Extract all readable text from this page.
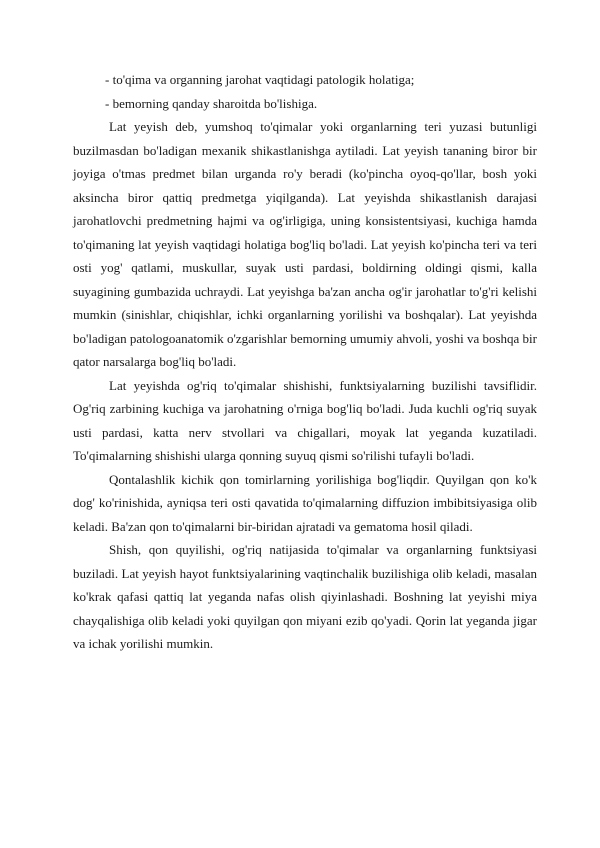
- to'qima va organning jarohat vaqtidagi patologik holatiga;

- bemorning qanday sharoitda bo'lishiga.

Lat yeyish deb, yumshoq to'qimalar yoki organlarning teri yuzasi butunligi buzilmasdan bo'ladigan mexanik shikastlanishga aytiladi. Lat yeyish tananing biror bir joyiga o'tmas predmet bilan urganda ro'y beradi (ko'pincha oyoq-qo'llar, bosh yoki aksincha biror qattiq predmetga yiqilganda). Lat yeyishda shikastlanish darajasi jarohatlovchi predmetning hajmi va og'irligiga, uning konsistentsiyasi, kuchiga hamda to'qimaning lat yeyish vaqtidagi holatiga bog'liq bo'ladi. Lat yeyish ko'pincha teri va teri osti yog' qatlami, muskullar, suyak usti pardasi, boldirning oldingi qismi, kalla suyagining gumbazida uchraydi. Lat yeyishga ba'zan ancha og'ir jarohatlar to'g'ri kelishi mumkin (sinishlar, chiqishlar, ichki organlarning yorilishi va boshqalar). Lat yeyishda bo'ladigan patologoanatomik o'zgarishlar bemorning umumiy ahvoli, yoshi va boshqa bir qator narsalarga bog'liq bo'ladi.

Lat yeyishda og'riq to'qimalar shishishi, funktsiyalarning buzilishi tavsiflidir. Og'riq zarbining kuchiga va jarohatning o'rniga bog'liq bo'ladi. Juda kuchli og'riq suyak usti pardasi, katta nerv stvollari va chigallari, moyak lat yeganda kuzatiladi. To'qimalarning shishishi ularga qonning suyuq qismi so'rilishi tufayli bo'ladi.

Qontalashlik kichik qon tomirlarning yorilishiga bog'liqdir. Quyilgan qon ko'k dog' ko'rinishida, ayniqsa teri osti qavatida to'qimalarning diffuzion imbibitsiyasiga olib keladi. Ba'zan qon to'qimalarni bir-biridan ajratadi va gematoma hosil qiladi.

Shish, qon quyilishi, og'riq natijasida to'qimalar va organlarning funktsiyasi buziladi. Lat yeyish hayot funktsiyalarining vaqtinchalik buzilishiga olib keladi, masalan ko'krak qafasi qattiq lat yeganda nafas olish qiyinlashadi. Boshning lat yeyishi miya chayqalishiga olib keladi yoki quyilgan qon miyani ezib qo'yadi. Qorin lat yeganda jigar va ichak yorilishi mumkin.
